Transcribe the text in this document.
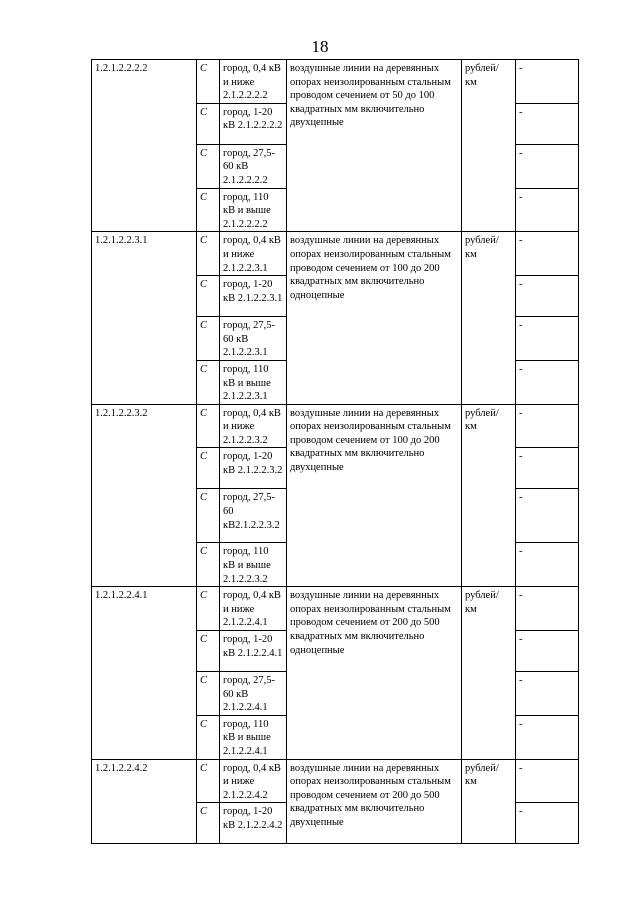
18
1.2.1.2.2.2.2	С	город, 0,4 кВ и ниже 2.1.2.2.2.2	воздушные линии на деревянных опорах неизолированным стальным проводом сечением от 50 до 100 квадратных мм включительно двухцепные	рублей/ км	-
	С	город, 1-20 кВ 2.1.2.2.2.2			-
	С	город, 27,5-60 кВ 2.1.2.2.2.2			-
	С	город, 110 кВ и выше 2.1.2.2.2.2			-
1.2.1.2.2.3.1	С	город, 0,4 кВ и ниже 2.1.2.2.3.1	воздушные линии на деревянных опорах неизолированным стальным проводом сечением от 100 до 200 квадратных мм включительно одноцепные	рублей/ км	-
	С	город, 1-20 кВ 2.1.2.2.3.1			-
	С	город, 27,5-60 кВ 2.1.2.2.3.1			-
	С	город, 110 кВ и выше 2.1.2.2.3.1			-
1.2.1.2.2.3.2	С	город, 0,4 кВ и ниже 2.1.2.2.3.2	воздушные линии на деревянных опорах неизолированным стальным проводом сечением от 100 до 200 квадратных мм включительно двухцепные	рублей/ км	-
	С	город, 1-20 кВ 2.1.2.2.3.2			-
	С	город, 27,5-60 кВ2.1.2.2.3.2			-
	С	город, 110 кВ и выше 2.1.2.2.3.2			-
1.2.1.2.2.4.1	С	город, 0,4 кВ и ниже 2.1.2.2.4.1	воздушные линии на деревянных опорах неизолированным стальным проводом сечением от 200 до 500 квадратных мм включительно одноцепные	рублей/ км	-
	С	город, 1-20 кВ 2.1.2.2.4.1			-
	С	город, 27,5-60 кВ 2.1.2.2.4.1			-
	С	город, 110 кВ и выше 2.1.2.2.4.1			-
1.2.1.2.2.4.2	С	город, 0,4 кВ и ниже 2.1.2.2.4.2	воздушные линии на деревянных опорах неизолированным стальным проводом сечением от 200 до 500 квадратных мм включительно двухцепные	рублей/ км	-
	С	город, 1-20 кВ 2.1.2.2.4.2			-
